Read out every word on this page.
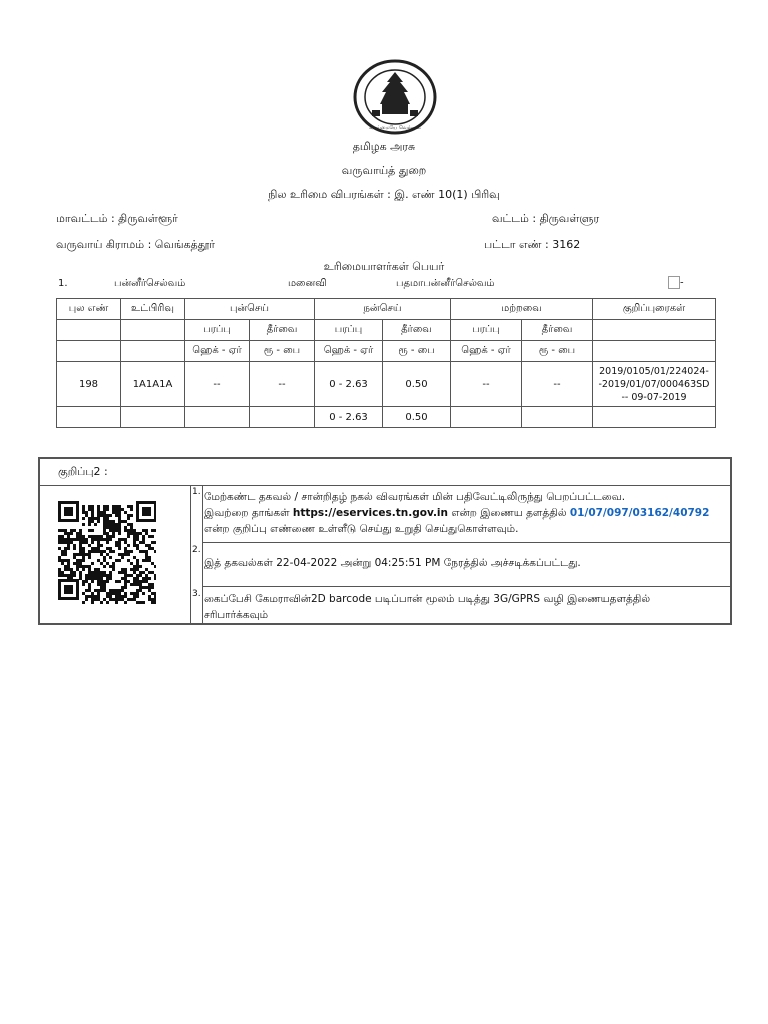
வாய்மையே வெல்லும்
தமிழக அரசு
வருவாய்த் துறை
நில உரிமை விபரங்கள் : இ. எண் 10(1) பிரிவு
மாவட்டம் : திருவள்ளூர்	வட்டம் : திருவள்ளுர
வருவாய் கிராமம் : வெங்கத்தூர்	பட்டா எண் : 3162
உரிமையாளர்கள் பெயர்
1.	பன்னீர்செல்வம்	மனைவி	பதமாபன்னீர்செல்வம்	-
புல எண்	உட்பிரிவு	புன்செய்		நன்செய்		மற்றவை		குறிப்புரைகள்
		பரப்பு	தீர்வை	பரப்பு	தீர்வை	பரப்பு	தீர்வை	
		ஹெக் - ஏர்	ரூ - பை	ஹெக் - ஏர்	ரூ - பை	ஹெக் - ஏர்	ரூ - பை	
198	1A1A1A	--	--	0 - 2.63	0.50	--	--	2019/0105/01/224024-
-2019/01/07/000463SD
-- 09-07-2019

				0 - 2.63	0.50			
குறிப்பு2 :
1. மேற்கண்ட தகவல் / சான்றிதழ் நகல் விவரங்கள் மின் பதிவேட்டிலிருந்து பெறப்பட்டவை.
இவற்றை தாங்கள் https://eservices.tn.gov.in என்ற இணைய தளத்தில் 01/07/097/03162/40792
என்ற குறிப்பு எண்ணை உள்ளீடு செய்து உறுதி செய்துகொள்ளவும்.
2.
இத் தகவல்கள் 22-04-2022 அன்று 04:25:51 PM நேரத்தில் அச்சடிக்கப்பட்டது.
3. கைப்பேசி கேமராவின்2D barcode படிப்பான் மூலம் படித்து 3G/GPRS வழி இணையதளத்தில்
சரிபார்க்கவும்
